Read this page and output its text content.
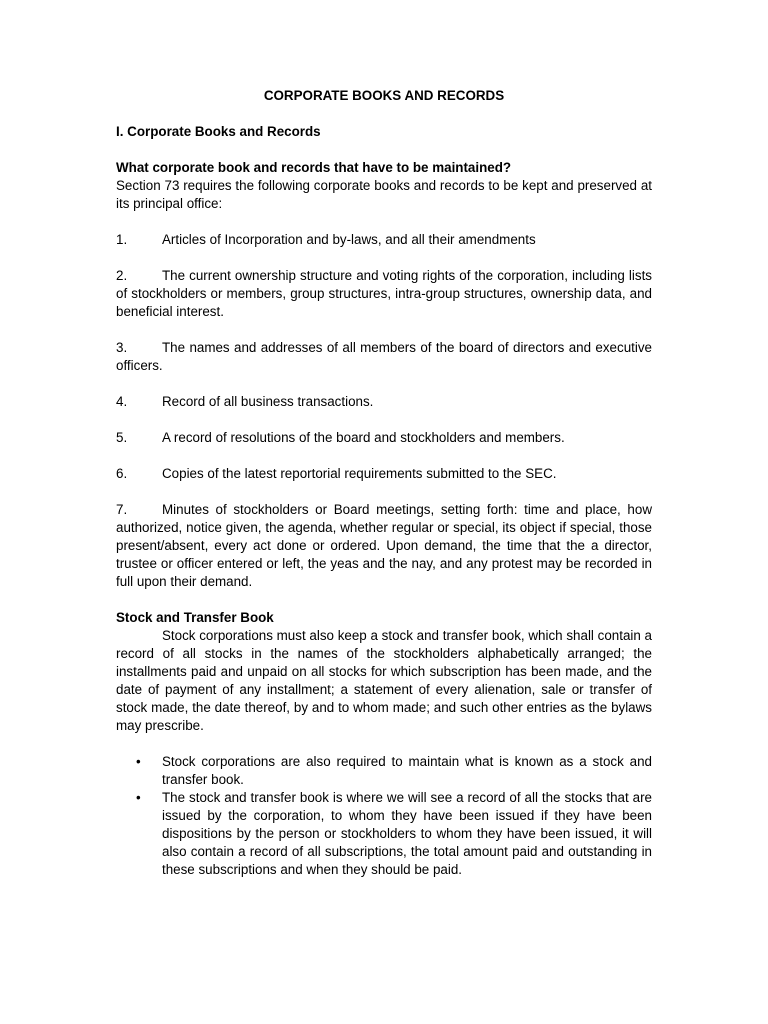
CORPORATE BOOKS AND RECORDS

I. Corporate Books and Records

What corporate book and records that have to be maintained?

Section 73 requires the following corporate books and records to be kept and preserved at its principal office:

1.	Articles of Incorporation and by-laws, and all their amendments

2.	The current ownership structure and voting rights of the corporation, including lists of stockholders or members, group structures, intra-group structures, ownership data, and beneficial interest.

3.	The names and addresses of all members of the board of directors and executive officers.

4.	Record of all business transactions.

5.	A record of resolutions of the board and stockholders and members.

6.	Copies of the latest reportorial requirements submitted to the SEC.

7.	Minutes of stockholders or Board meetings, setting forth: time and place, how authorized, notice given, the agenda, whether regular or special, its object if special, those present/absent, every act done or ordered. Upon demand, the time that the a director, trustee or officer entered or left, the yeas and the nay, and any protest may be recorded in full upon their demand.

Stock and Transfer Book

Stock corporations must also keep a stock and transfer book, which shall contain a record of all stocks in the names of the stockholders alphabetically arranged; the installments paid and unpaid on all stocks for which subscription has been made, and the date of payment of any installment; a statement of every alienation, sale or transfer of stock made, the date thereof, by and to whom made; and such other entries as the bylaws may prescribe.

• Stock corporations are also required to maintain what is known as a stock and transfer book.
• The stock and transfer book is where we will see a record of all the stocks that are issued by the corporation, to whom they have been issued if they have been dispositions by the person or stockholders to whom they have been issued, it will also contain a record of all subscriptions, the total amount paid and outstanding in these subscriptions and when they should be paid.
